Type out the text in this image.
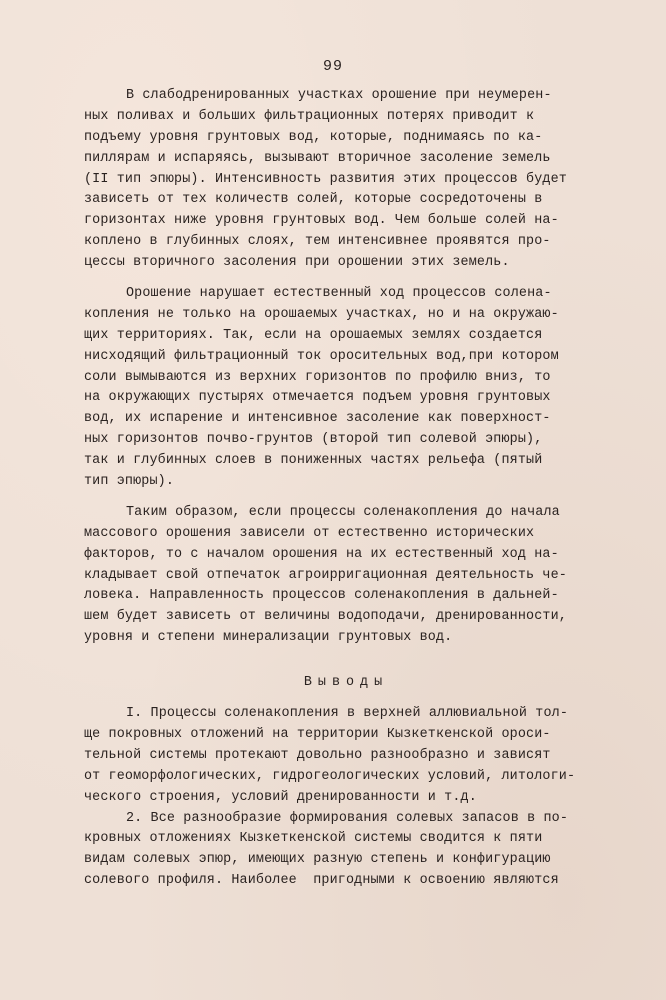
99
В слабодренированных участках орошение при неумерен-
ных поливах и больших фильтрационных потерях приводит к
подъему уровня грунтовых вод, которые, поднимаясь по ка-
пиллярам и испаряясь, вызывают вторичное засоление земель
(II тип эпюры). Интенсивность развития этих процессов будет
зависеть от тех количеств солей, которые сосредоточены в
горизонтах ниже уровня грунтовых вод. Чем больше солей на-
коплено в глубинных слоях, тем интенсивнее проявятся про-
цессы вторичного засоления при орошении этих земель.
Орошение нарушает естественный ход процессов солена-
копления не только на орошаемых участках, но и на окружаю-
щих территориях. Так, если на орошаемых землях создается
нисходящий фильтрационный ток оросительных вод,при котором
соли вымываются из верхних горизонтов по профилю вниз, то
на окружающих пустырях отмечается подъем уровня грунтовых
вод, их испарение и интенсивное засоление как поверхност-
ных горизонтов почво-грунтов (второй тип солевой эпюры),
так и глубинных слоев в пониженных частях рельефа (пятый
тип эпюры).
Таким образом, если процессы соленакопления до начала
массового орошения зависели от естественно исторических
факторов, то с началом орошения на их естественный ход на-
кладывает свой отпечаток агроирригационная деятельность че-
ловека. Направленность процессов соленакопления в дальней-
шем будет зависеть от величины водоподачи, дренированности,
уровня и степени минерализации грунтовых вод.
Выводы
I. Процессы соленакопления в верхней аллювиальной тол-
ще покровных отложений на территории Кызкеткенской ороси-
тельной системы протекают довольно разнообразно и зависят
от геоморфологических, гидрогеологических условий, литологи-
ческого строения, условий дренированности и т.д.
2. Все разнообразие формирования солевых запасов в по-
кровных отложениях Кызкеткенской системы сводится к пяти
видам солевых эпюр, имеющих разную степень и конфигурацию
солевого профиля. Наиболее  пригодными к освоению являются
